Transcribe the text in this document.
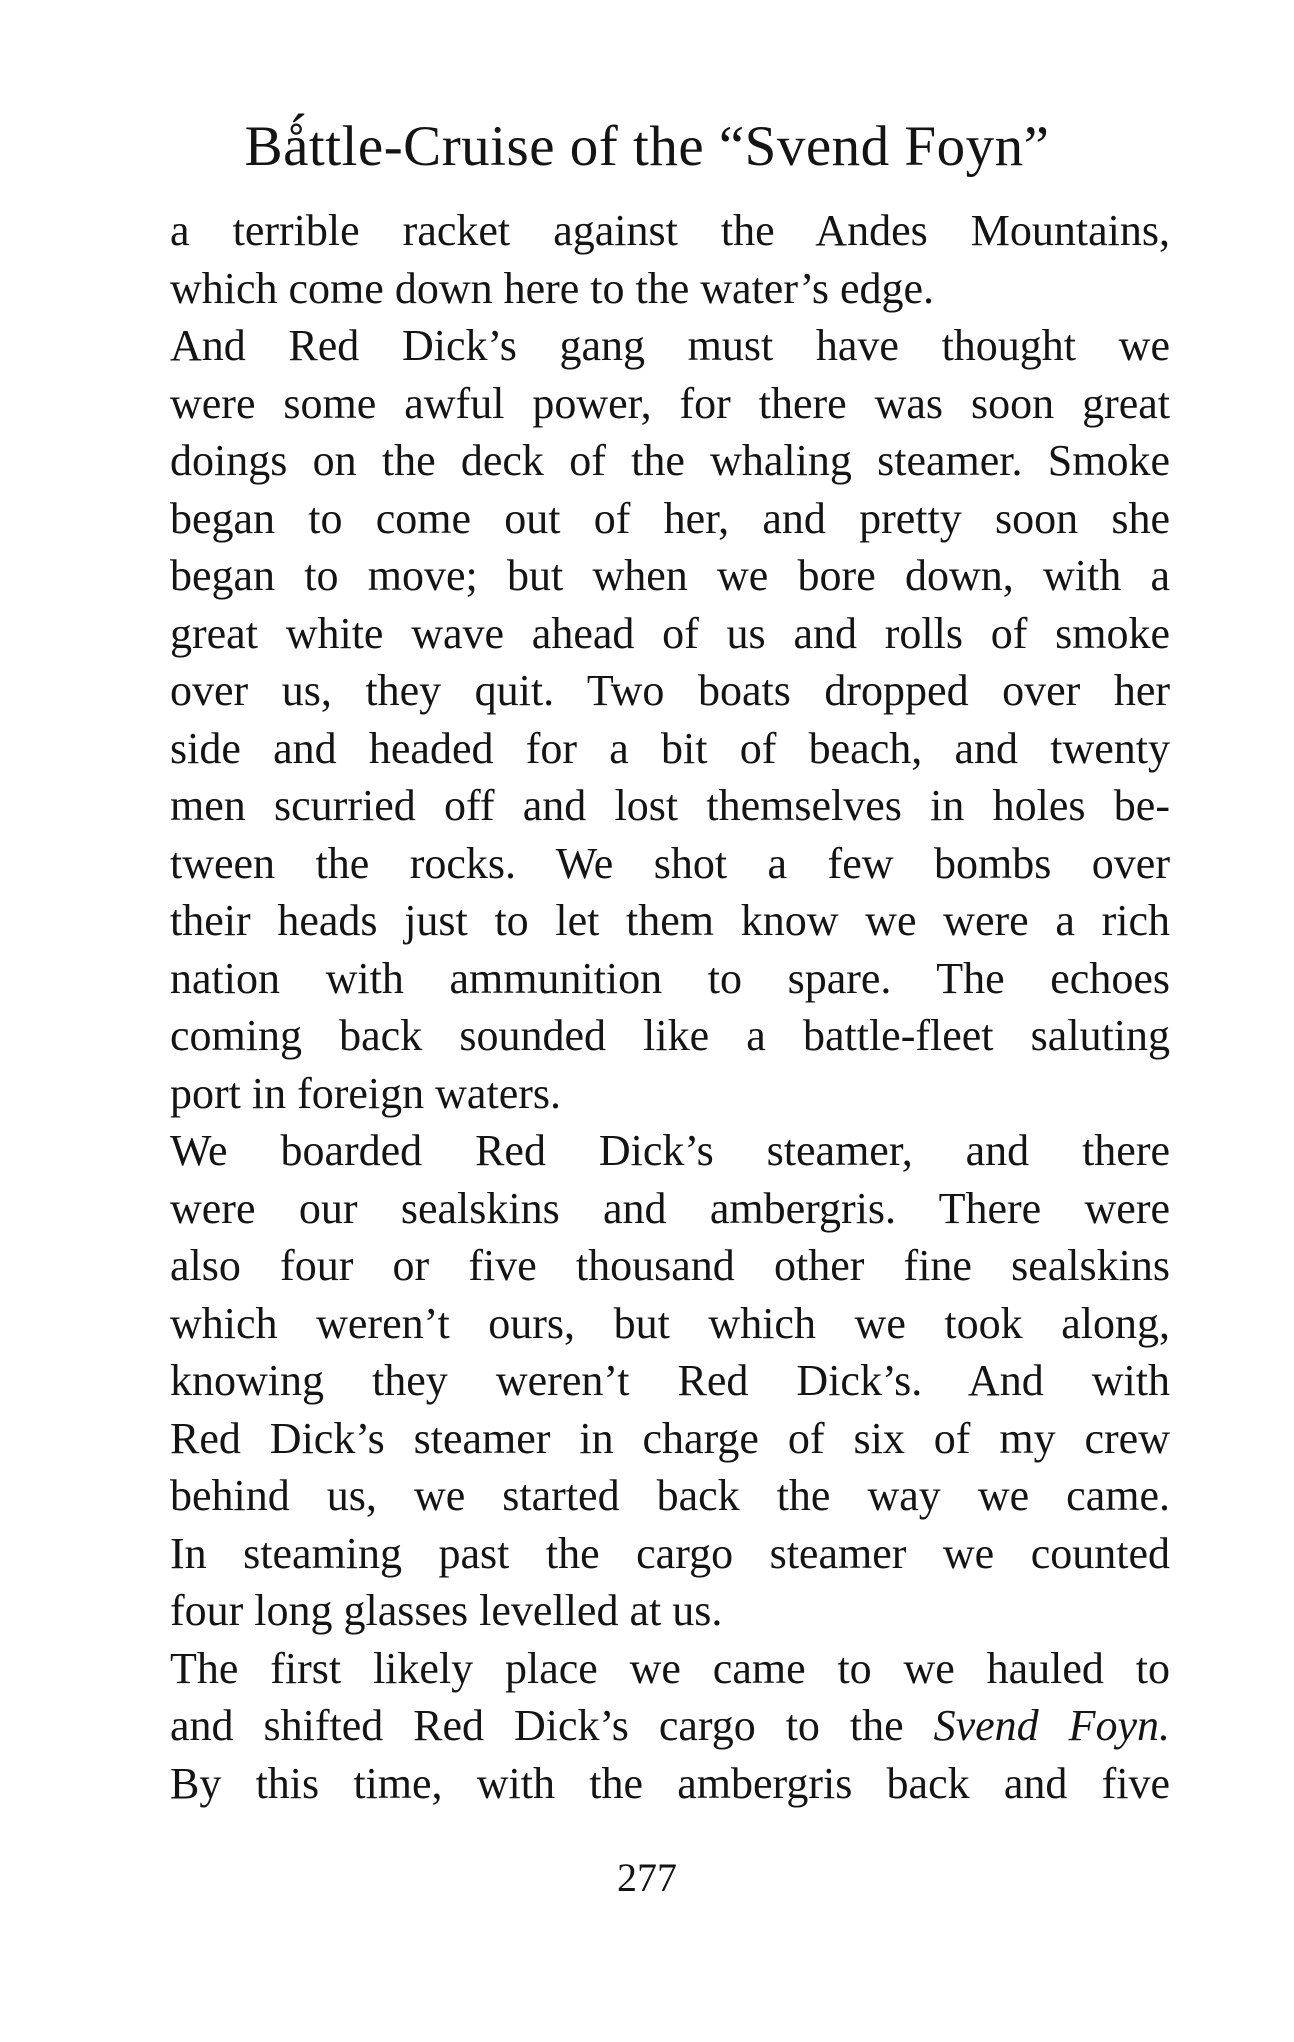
Bǻttle-Cruise of the “Svend Foyn”

a terrible racket against the Andes Mountains,
which come down here to the water’s edge.

And Red Dick’s gang must have thought we
were some awful power, for there was soon great
doings on the deck of the whaling steamer. Smoke
began to come out of her, and pretty soon she
began to move; but when we bore down, with a
great white wave ahead of us and rolls of smoke
over us, they quit. Two boats dropped over her
side and headed for a bit of beach, and twenty
men scurried off and lost themselves in holes be-
tween the rocks. We shot a few bombs over
their heads just to let them know we were a rich
nation with ammunition to spare. The echoes
coming back sounded like a battle-fleet saluting
port in foreign waters.

We boarded Red Dick’s steamer, and there
were our sealskins and ambergris. There were
also four or five thousand other fine sealskins
which weren’t ours, but which we took along,
knowing they weren’t Red Dick’s. And with
Red Dick’s steamer in charge of six of my crew
behind us, we started back the way we came.
In steaming past the cargo steamer we counted
four long glasses levelled at us.

The first likely place we came to we hauled to
and shifted Red Dick’s cargo to the Svend Foyn.
By this time, with the ambergris back and five

277
